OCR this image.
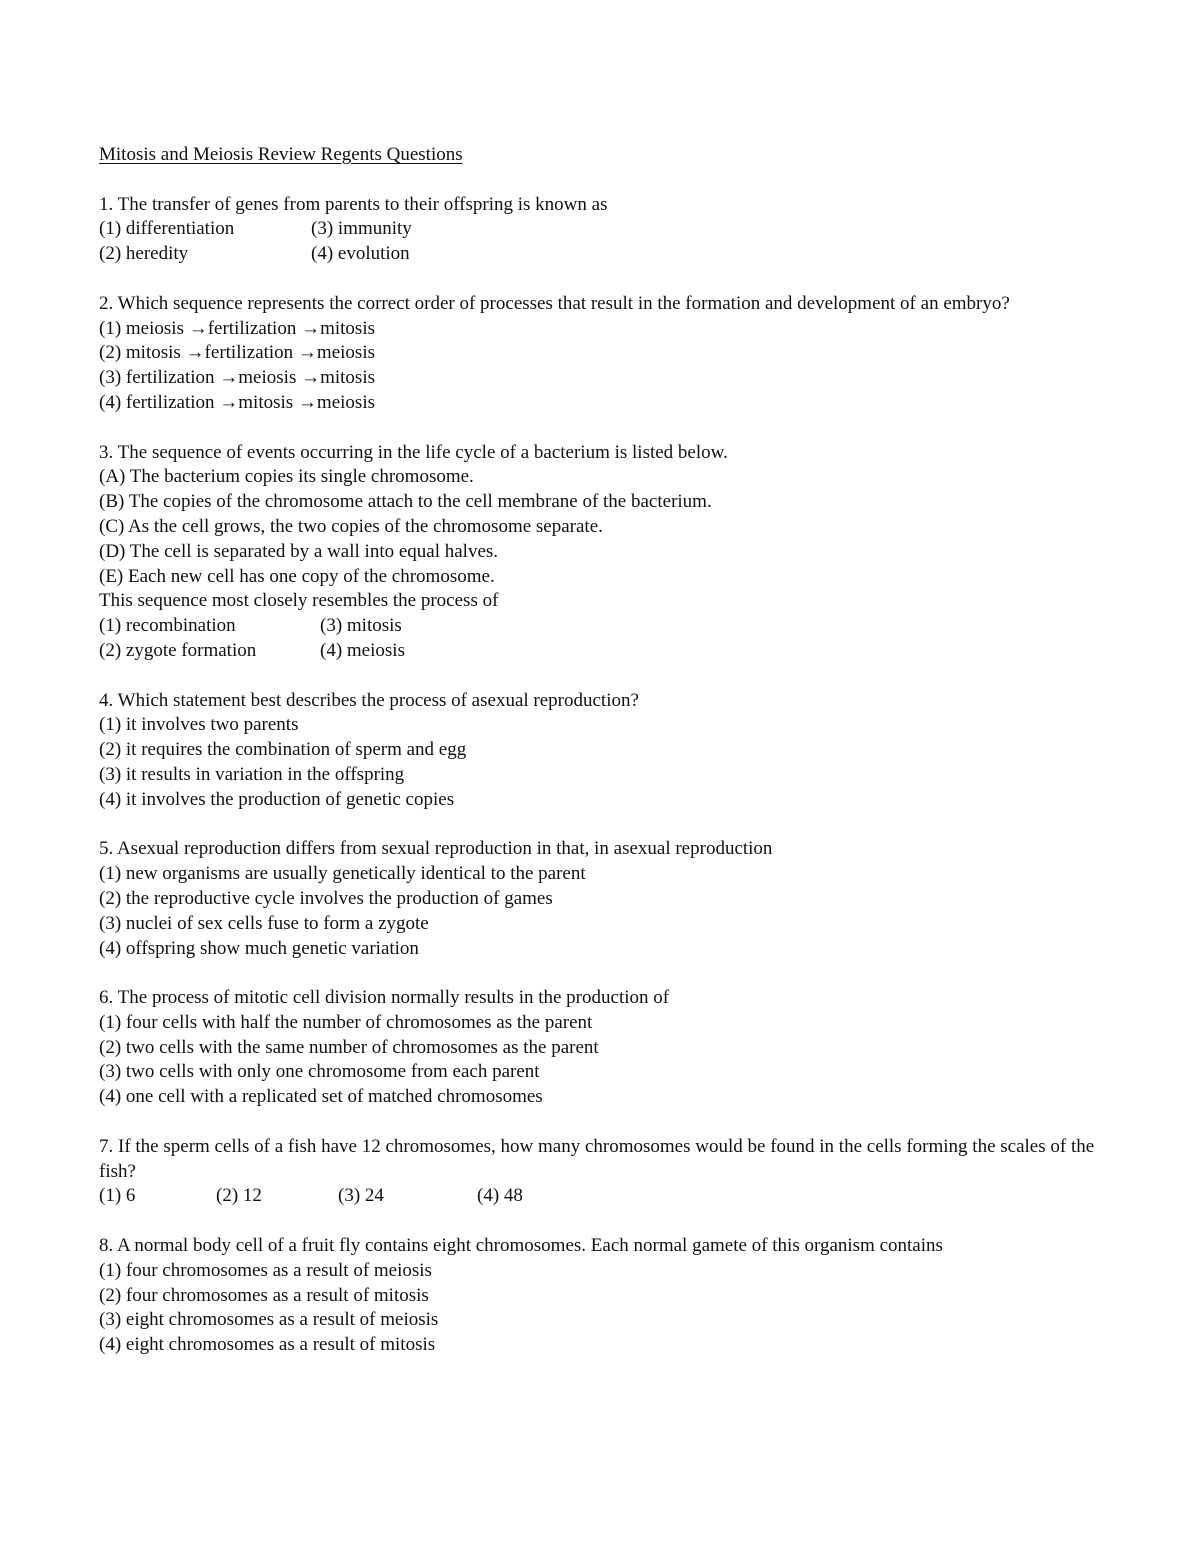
Mitosis and Meiosis Review Regents Questions
1. The transfer of genes from parents to their offspring is known as
(1) differentiation	(3) immunity
(2) heredity	(4) evolution
2. Which sequence represents the correct order of processes that result in the formation and development of an embryo?
(1) meiosis →fertilization →mitosis
(2) mitosis →fertilization →meiosis
(3) fertilization →meiosis →mitosis
(4) fertilization →mitosis →meiosis
3. The sequence of events occurring in the life cycle of a bacterium is listed below.
(A) The bacterium copies its single chromosome.
(B) The copies of the chromosome attach to the cell membrane of the bacterium.
(C) As the cell grows, the two copies of the chromosome separate.
(D) The cell is separated by a wall into equal halves.
(E) Each new cell has one copy of the chromosome.
This sequence most closely resembles the process of
(1) recombination	(3) mitosis
(2) zygote formation	(4) meiosis
4. Which statement best describes the process of asexual reproduction?
(1) it involves two parents
(2) it requires the combination of sperm and egg
(3) it results in variation in the offspring
(4) it involves the production of genetic copies
5. Asexual reproduction differs from sexual reproduction in that, in asexual reproduction
(1) new organisms are usually genetically identical to the parent
(2) the reproductive cycle involves the production of games
(3) nuclei of sex cells fuse to form a zygote
(4) offspring show much genetic variation
6. The process of mitotic cell division normally results in the production of
(1) four cells with half the number of chromosomes as the parent
(2) two cells with the same number of chromosomes as the parent
(3) two cells with only one chromosome from each parent
(4) one cell with a replicated set of matched chromosomes
7. If the sperm cells of a fish have 12 chromosomes, how many chromosomes would be found in the cells forming the scales of the fish?
(1) 6	(2) 12	(3) 24	(4) 48
8. A normal body cell of a fruit fly contains eight chromosomes. Each normal gamete of this organism contains
(1) four chromosomes as a result of meiosis
(2) four chromosomes as a result of mitosis
(3) eight chromosomes as a result of meiosis
(4) eight chromosomes as a result of mitosis
